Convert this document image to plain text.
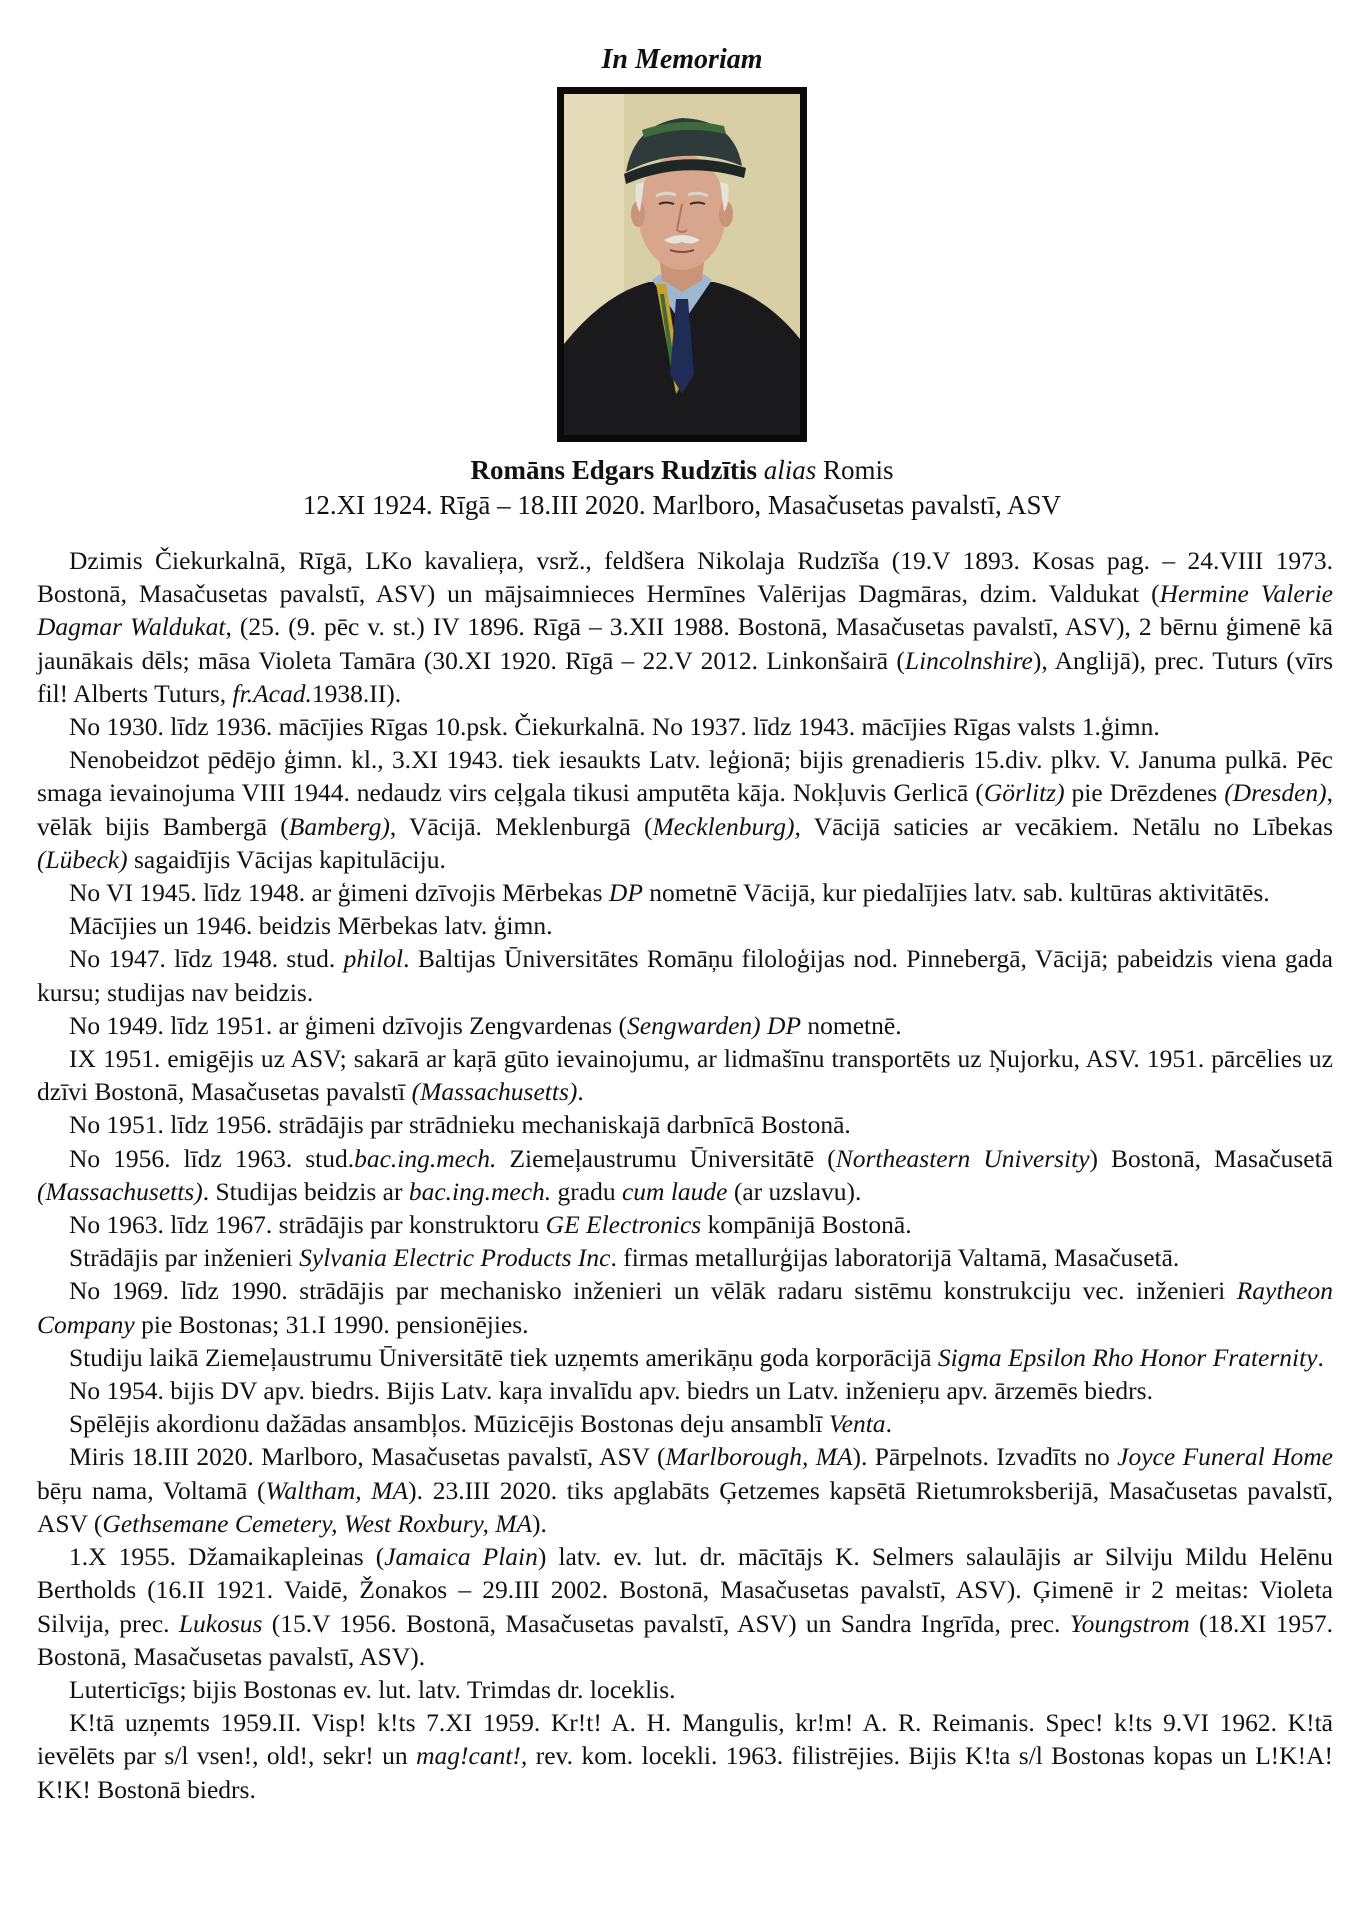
In Memoriam
Romāns Edgars Rudzītis alias Romis
12.XI 1924. Rīgā – 18.III 2020. Marlboro, Masačusetas pavalstī, ASV

Dzimis Čiekurkalnā, Rīgā, LKo kavalieŗa, vsrž., feldšera Nikolaja Rudzīša (19.V 1893. Kosas pag. – 24.VIII 1973. Bostonā, Masačusetas pavalstī, ASV) un mājsaimnieces Hermīnes Valērijas Dagmāras, dzim. Valdukat (Hermine Valerie Dagmar Waldukat, (25. (9. pēc v. st.) IV 1896. Rīgā – 3.XII 1988. Bostonā, Masačusetas pavalstī, ASV), 2 bērnu ģimenē kā jaunākais dēls; māsa Violeta Tamāra (30.XI 1920. Rīgā – 22.V 2012. Linkonšairā (Lincolnshire), Anglijā), prec. Tuturs (vīrs fil! Alberts Tuturs, fr.Acad.1938.II).

No 1930. līdz 1936. mācījies Rīgas 10.psk. Čiekurkalnā. No 1937. līdz 1943. mācījies Rīgas valsts 1.ģimn.

Nenobeidzot pēdējo ģimn. kl., 3.XI 1943. tiek iesaukts Latv. leģionā; bijis grenadieris 15.div. plkv. V. Januma pulkā. Pēc smaga ievainojuma VIII 1944. nedaudz virs ceļgala tikusi amputēta kāja. Nokļuvis Gerlicā (Görlitz) pie Drēzdenes (Dresden), vēlāk bijis Bambergā (Bamberg), Vācijā. Meklenburgā (Mecklenburg), Vācijā saticies ar vecākiem. Netālu no Lībekas (Lübeck) sagaidījis Vācijas kapitulāciju.

No VI 1945. līdz 1948. ar ģimeni dzīvojis Mērbekas DP nometnē Vācijā, kur piedalījies latv. sab. kultūras aktivitātēs.

Mācījies un 1946. beidzis Mērbekas latv. ģimn.

No 1947. līdz 1948. stud. philol. Baltijas Ūniversitātes Romāņu filoloģijas nod. Pinnebergā, Vācijā; pabeidzis viena gada kursu; studijas nav beidzis.

No 1949. līdz 1951. ar ģimeni dzīvojis Zengvardenas (Sengwarden) DP nometnē.

IX 1951. emigējis uz ASV; sakarā ar kaŗā gūto ievainojumu, ar lidmašīnu transportēts uz Ņujorku, ASV. 1951. pārcēlies uz dzīvi Bostonā, Masačusetas pavalstī (Massachusetts).

No 1951. līdz 1956. strādājis par strādnieku mechaniskajā darbnīcā Bostonā.

No 1956. līdz 1963. stud.bac.ing.mech. Ziemeļaustrumu Ūniversitātē (Northeastern University) Bostonā, Masačusetā (Massachusetts). Studijas beidzis ar bac.ing.mech. gradu cum laude (ar uzslavu).

No 1963. līdz 1967. strādājis par konstruktoru GE Electronics kompānijā Bostonā.

Strādājis par inženieri Sylvania Electric Products Inc. firmas metallurģijas laboratorijā Valtamā, Masačusetā.

No 1969. līdz 1990. strādājis par mechanisko inženieri un vēlāk radaru sistēmu konstrukciju vec. inženieri Raytheon Company pie Bostonas; 31.I 1990. pensionējies.

Studiju laikā Ziemeļaustrumu Ūniversitātē tiek uzņemts amerikāņu goda korporācijā Sigma Epsilon Rho Honor Fraternity.

No 1954. bijis DV apv. biedrs. Bijis Latv. kaŗa invalīdu apv. biedrs un Latv. inženieŗu apv. ārzemēs biedrs.

Spēlējis akordionu dažādas ansambļos. Mūzicējis Bostonas deju ansamblī Venta.

Miris 18.III 2020. Marlboro, Masačusetas pavalstī, ASV (Marlborough, MA). Pārpelnots. Izvadīts no Joyce Funeral Home bēŗu nama, Voltamā (Waltham, MA). 23.III 2020. tiks apglabāts Ģetzemes kapsētā Rietumroksberijā, Masačusetas pavalstī, ASV (Gethsemane Cemetery, West Roxbury, MA).

1.X 1955. Džamaikapleinas (Jamaica Plain) latv. ev. lut. dr. mācītājs K. Selmers salaulājis ar Silviju Mildu Helēnu Bertholds (16.II 1921. Vaidē, Žonakos – 29.III 2002. Bostonā, Masačusetas pavalstī, ASV). Ģimenē ir 2 meitas: Violeta Silvija, prec. Lukosus (15.V 1956. Bostonā, Masačusetas pavalstī, ASV) un Sandra Ingrīda, prec. Youngstrom (18.XI 1957. Bostonā, Masačusetas pavalstī, ASV).

Luterticīgs; bijis Bostonas ev. lut. latv. Trimdas dr. loceklis.

K!tā uzņemts 1959.II. Visp! k!ts 7.XI 1959. Kr!t! A. H. Mangulis, kr!m! A. R. Reimanis. Spec! k!ts 9.VI 1962. K!tā ievēlēts par s/l vsen!, old!, sekr! un mag!cant!, rev. kom. locekli. 1963. filistrējies. Bijis K!ta s/l Bostonas kopas un L!K!A! K!K! Bostonā biedrs.
